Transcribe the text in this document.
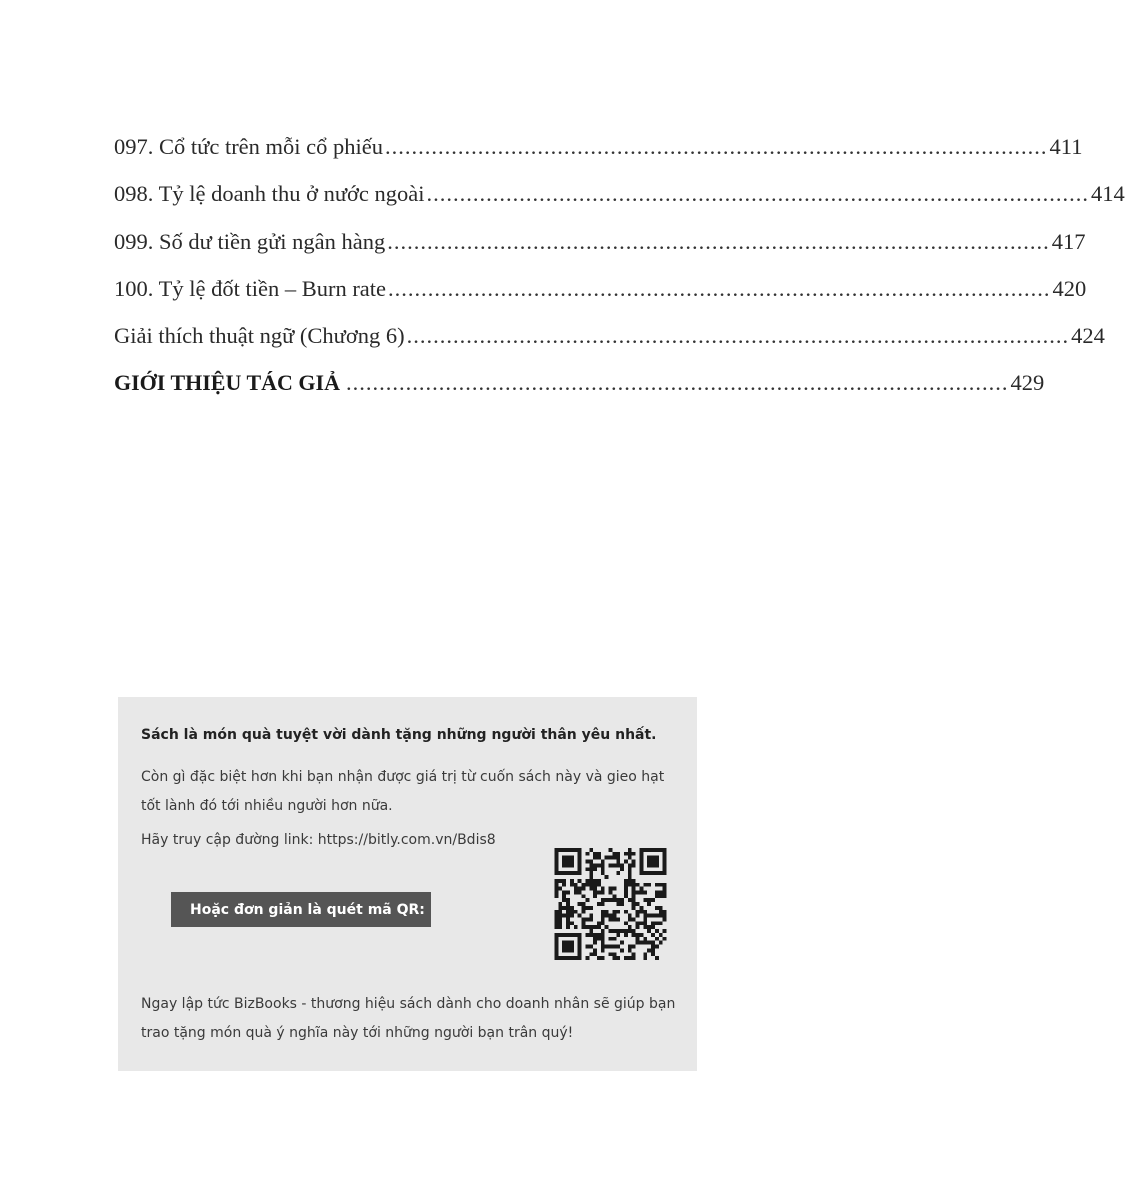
097. Cổ tức trên mỗi cổ phiếu .................................................................................................... 411
098. Tỷ lệ doanh thu ở nước ngoài .................................................................................................... 414
099. Số dư tiền gửi ngân hàng .................................................................................................... 417
100. Tỷ lệ đốt tiền – Burn rate .................................................................................................... 420
Giải thích thuật ngữ (Chương 6) .................................................................................................... 424
GIỚI THIỆU TÁC GIẢ .................................................................................................... 429
Sách là món quà tuyệt vời dành tặng những người thân yêu nhất.
Còn gì đặc biệt hơn khi bạn nhận được giá trị từ cuốn sách này và gieo hạt tốt lành đó tới nhiều người hơn nữa.
Hãy truy cập đường link: https://bitly.com.vn/Bdis8
Hoặc đơn giản là quét mã QR:
Ngay lập tức BizBooks - thương hiệu sách dành cho doanh nhân sẽ giúp bạn trao tặng món quà ý nghĩa này tới những người bạn trân quý!
